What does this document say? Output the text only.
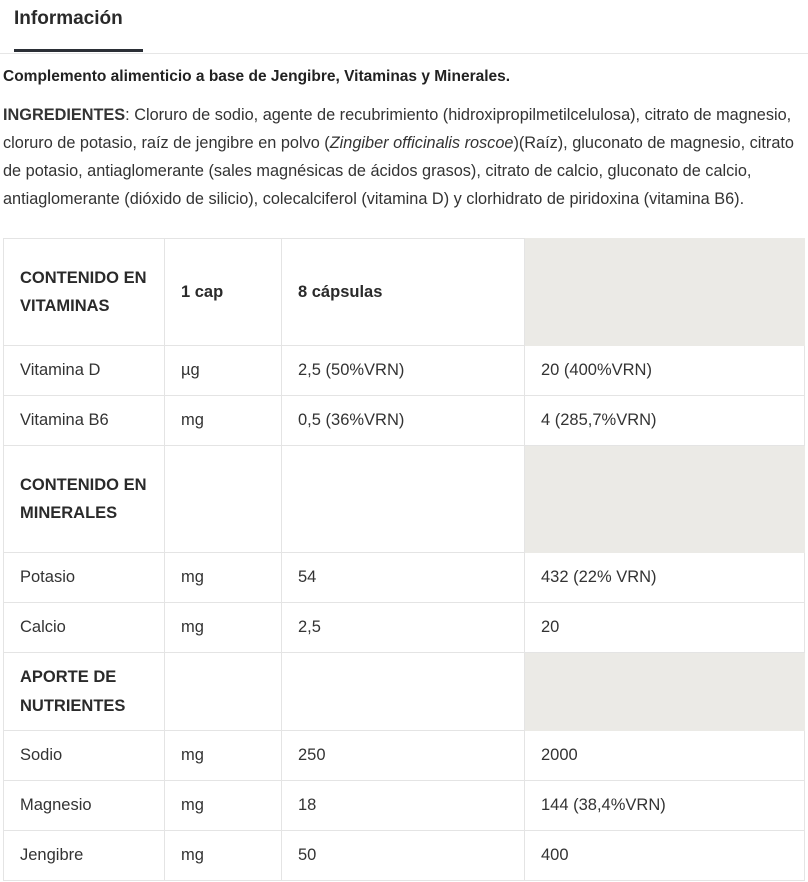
Información
Complemento alimenticio a base de Jengibre, Vitaminas y Minerales.

INGREDIENTES: Cloruro de sodio, agente de recubrimiento (hidroxipropilmetilcelulosa), citrato de magnesio, cloruro de potasio, raíz de jengibre en polvo (Zingiber officinalis roscoe)(Raíz), gluconato de magnesio, citrato de potasio, antiaglomerante (sales magnésicas de ácidos grasos), citrato de calcio, gluconato de calcio, antiaglomerante (dióxido de silicio), colecalciferol (vitamina D) y clorhidrato de piridoxina (vitamina B6).

CONTENIDO EN VITAMINAS	1 cap	8 cápsulas	
Vitamina D	µg	2,5 (50%VRN)	20 (400%VRN)
Vitamina B6	mg	0,5 (36%VRN)	4 (285,7%VRN)
CONTENIDO EN MINERALES			
Potasio	mg	54	432 (22% VRN)
Calcio	mg	2,5	20
APORTE DE NUTRIENTES			
Sodio	mg	250	2000
Magnesio	mg	18	144 (38,4%VRN)
Jengibre	mg	50	400
